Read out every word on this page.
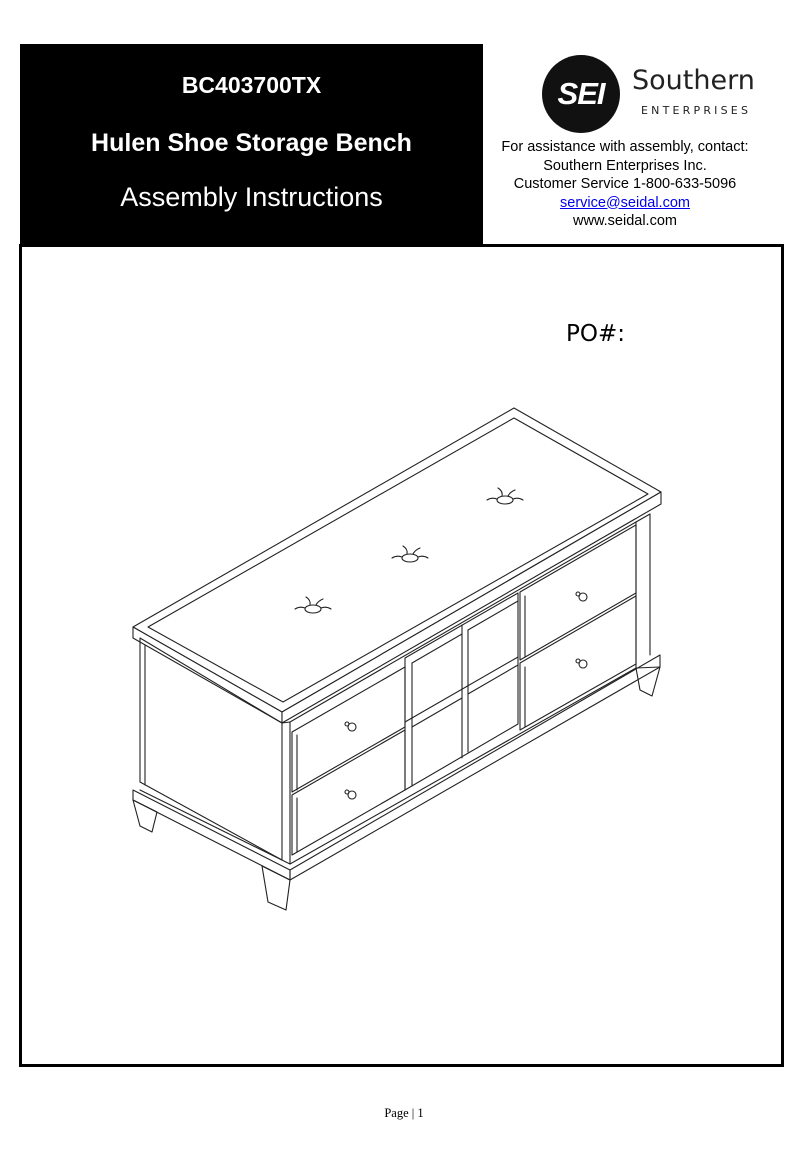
BC403700TX
Hulen Shoe Storage Bench
Assembly Instructions
SEI	Southern
ENTERPRISES
For assistance with assembly, contact:
Southern Enterprises Inc.
Customer Service 1-800-633-5096
service@seidal.com
www.seidal.com
PO#:
Page | 1
